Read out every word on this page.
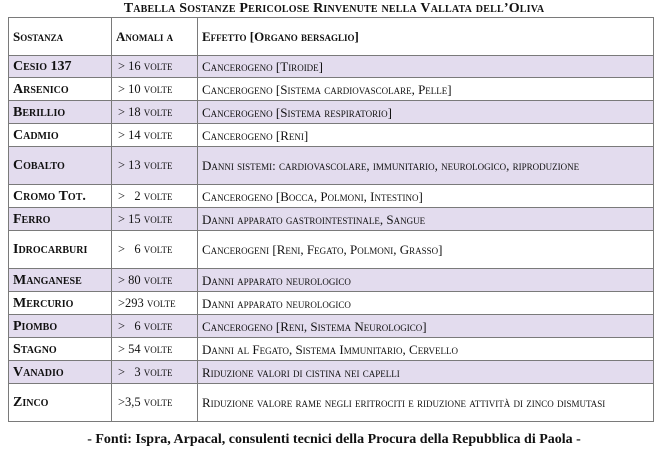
Tabella Sostanze Pericolose Rinvenute nella Vallata dell’Oliva
Sostanza	Anomali a	Effetto [Organo bersaglio]
Cesio 137	> 16 volte	Cancerogeno [Tiroide]
Arsenico	> 10 volte	Cancerogeno [Sistema cardiovascolare, Pelle]
Berillio	> 18 volte	Cancerogeno [Sistema respiratorio]
Cadmio	> 14 volte	Cancerogeno [Reni]
Cobalto	> 13 volte	Danni sistemi: cardiovascolare, immunitario, neurologico, riproduzione
Cromo Tot.	>   2 volte	Cancerogeno [Bocca, Polmoni, Intestino]
Ferro	> 15 volte	Danni apparato gastrointestinale, Sangue
Idrocarburi	>   6 volte	Cancerogeni [Reni, Fegato, Polmoni, Grasso]
Manganese	> 80 volte	Danni apparato neurologico
Mercurio	>293 volte	Danni apparato neurologico
Piombo	>   6 volte	Cancerogeno [Reni, Sistema Neurologico]
Stagno	> 54 volte	Danni al Fegato, Sistema Immunitario, Cervello
Vanadio	>   3 volte	Riduzione valori di cistina nei capelli
Zinco	>3,5 volte	Riduzione valore rame negli eritrociti e riduzione attività di zinco dismutasi
- Fonti: Ispra, Arpacal, consulenti tecnici della Procura della Repubblica di Paola -
